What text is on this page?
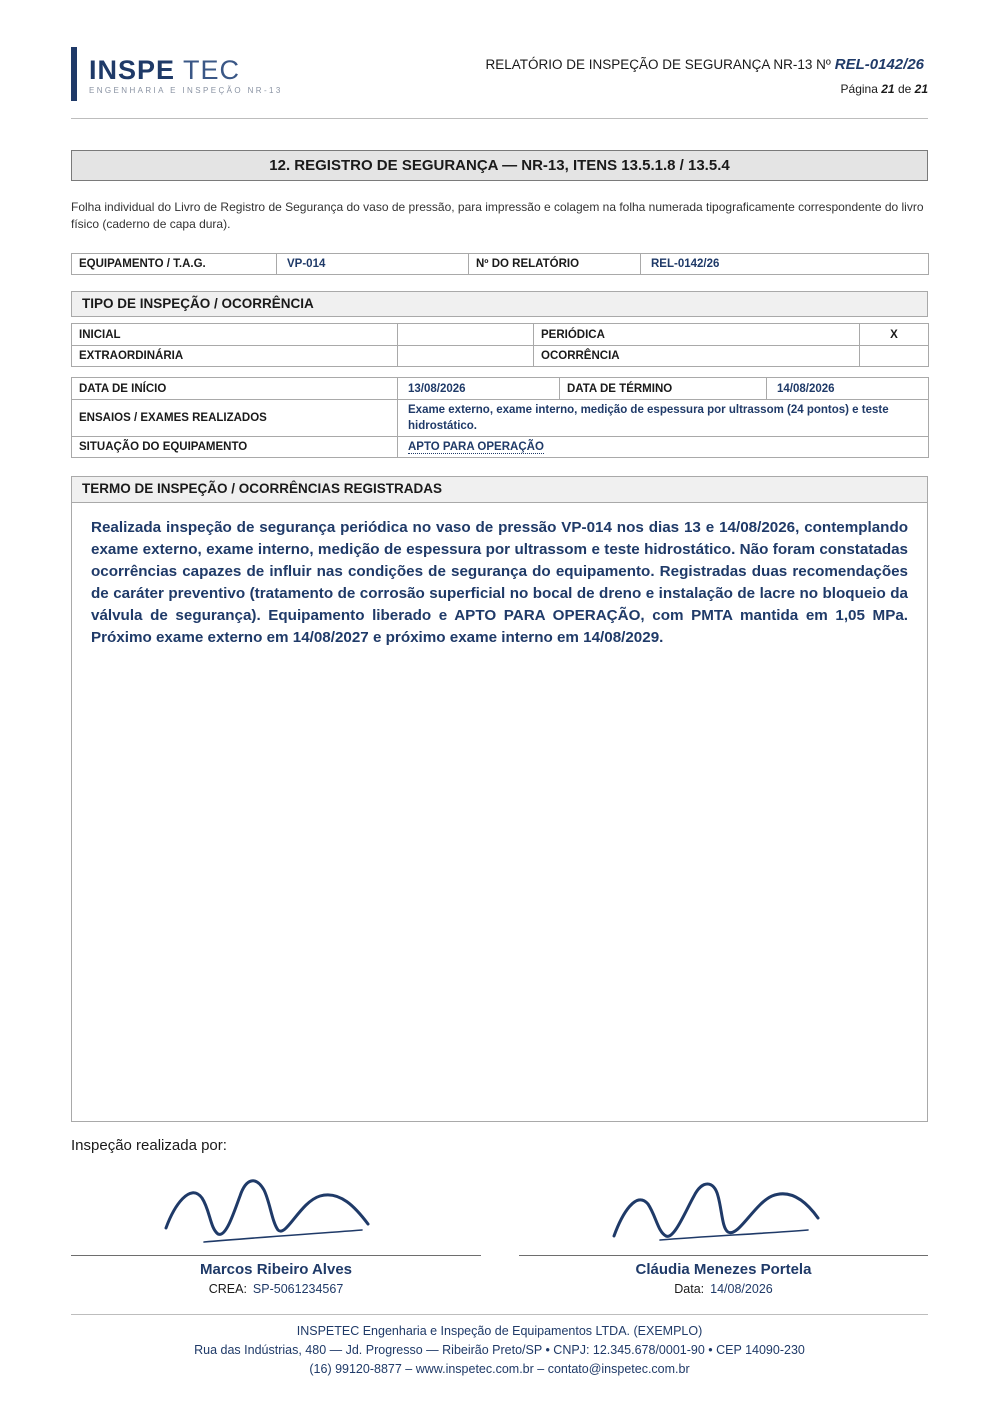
INSPE TEC
ENGENHARIA E INSPEÇÃO NR-13
RELATÓRIO DE INSPEÇÃO DE SEGURANÇA NR-13 Nº REL-0142/26
Página 21 de 21
12. REGISTRO DE SEGURANÇA — NR-13, ITENS 13.5.1.8 / 13.5.4
Folha individual do Livro de Registro de Segurança do vaso de pressão, para impressão e colagem na folha numerada tipograficamente correspondente do livro físico (caderno de capa dura).
EQUIPAMENTO / T.A.G.	VP-014	Nº DO RELATÓRIO	REL-0142/26
TIPO DE INSPEÇÃO / OCORRÊNCIA
INICIAL		PERIÓDICA	X
EXTRAORDINÁRIA		OCORRÊNCIA	
DATA DE INÍCIO	13/08/2026	DATA DE TÉRMINO	14/08/2026
ENSAIOS / EXAMES REALIZADOS	Exame externo, exame interno, medição de espessura por ultrassom (24 pontos) e teste hidrostático.		
SITUAÇÃO DO EQUIPAMENTO	APTO PARA OPERAÇÃO		
TERMO DE INSPEÇÃO / OCORRÊNCIAS REGISTRADAS
Realizada inspeção de segurança periódica no vaso de pressão VP-014 nos dias 13 e 14/08/2026, contemplando exame externo, exame interno, medição de espessura por ultrassom e teste hidrostático. Não foram constatadas ocorrências capazes de influir nas condições de segurança do equipamento. Registradas duas recomendações de caráter preventivo (tratamento de corrosão superficial no bocal de dreno e instalação de lacre no bloqueio da válvula de segurança). Equipamento liberado e APTO PARA OPERAÇÃO, com PMTA mantida em 1,05 MPa. Próximo exame externo em 14/08/2027 e próximo exame interno em 14/08/2029.
Inspeção realizada por:
Marcos Ribeiro Alves
CREA: SP-5061234567
Cláudia Menezes Portela
Data: 14/08/2026
INSPETEC Engenharia e Inspeção de Equipamentos LTDA. (EXEMPLO)
Rua das Indústrias, 480 — Jd. Progresso — Ribeirão Preto/SP • CNPJ: 12.345.678/0001-90 • CEP 14090-230
(16) 99120-8877 – www.inspetec.com.br – contato@inspetec.com.br
